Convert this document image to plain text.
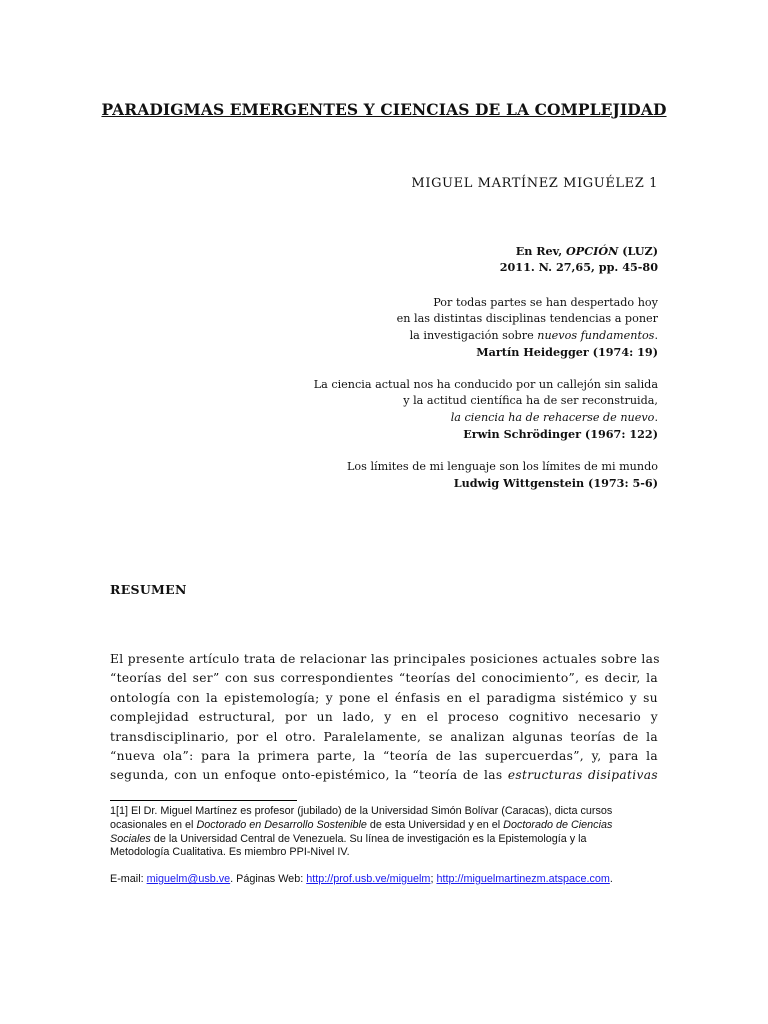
PARADIGMAS EMERGENTES Y CIENCIAS DE LA COMPLEJIDAD
MIGUEL MARTÍNEZ MIGUÉLEZ 1
En Rev, OPCIÓN (LUZ)
2011. N. 27,65, pp. 45-80
Por todas partes se han despertado hoy
en las distintas disciplinas tendencias a poner
la investigación sobre nuevos fundamentos.
Martín Heidegger (1974: 19)
La ciencia actual nos ha conducido por un callejón sin salida
y la actitud científica ha de ser reconstruida,
la ciencia ha de rehacerse de nuevo.
Erwin Schrödinger (1967: 122)
Los límites de mi lenguaje son los límites de mi mundo
Ludwig Wittgenstein (1973: 5-6)
RESUMEN
El presente artículo trata de relacionar las principales posiciones actuales sobre las
“teorías del ser” con sus correspondientes “teorías del conocimiento”, es decir, la
ontología con la epistemología; y pone el énfasis en el paradigma sistémico y su
complejidad estructural, por un lado, y en el proceso cognitivo necesario y
transdisciplinario, por el otro. Paralelamente, se analizan algunas teorías de la
“nueva ola”: para la primera parte, la “teoría de las supercuerdas”, y, para la
segunda, con un enfoque onto-epistémico, la “teoría de las estructuras disipativas
1[1] El Dr. Miguel Martínez es profesor (jubilado) de la Universidad Simón Bolívar (Caracas), dicta cursos
ocasionales en el Doctorado en Desarrollo Sostenible de esta Universidad y en el Doctorado de Ciencias
Sociales de la Universidad Central de Venezuela. Su línea de investigación es la Epistemología y la
Metodología Cualitativa. Es miembro PPI-Nivel IV.
E-mail: miguelm@usb.ve. Páginas Web: http://prof.usb.ve/miguelm; http://miguelmartinezm.atspace.com.
